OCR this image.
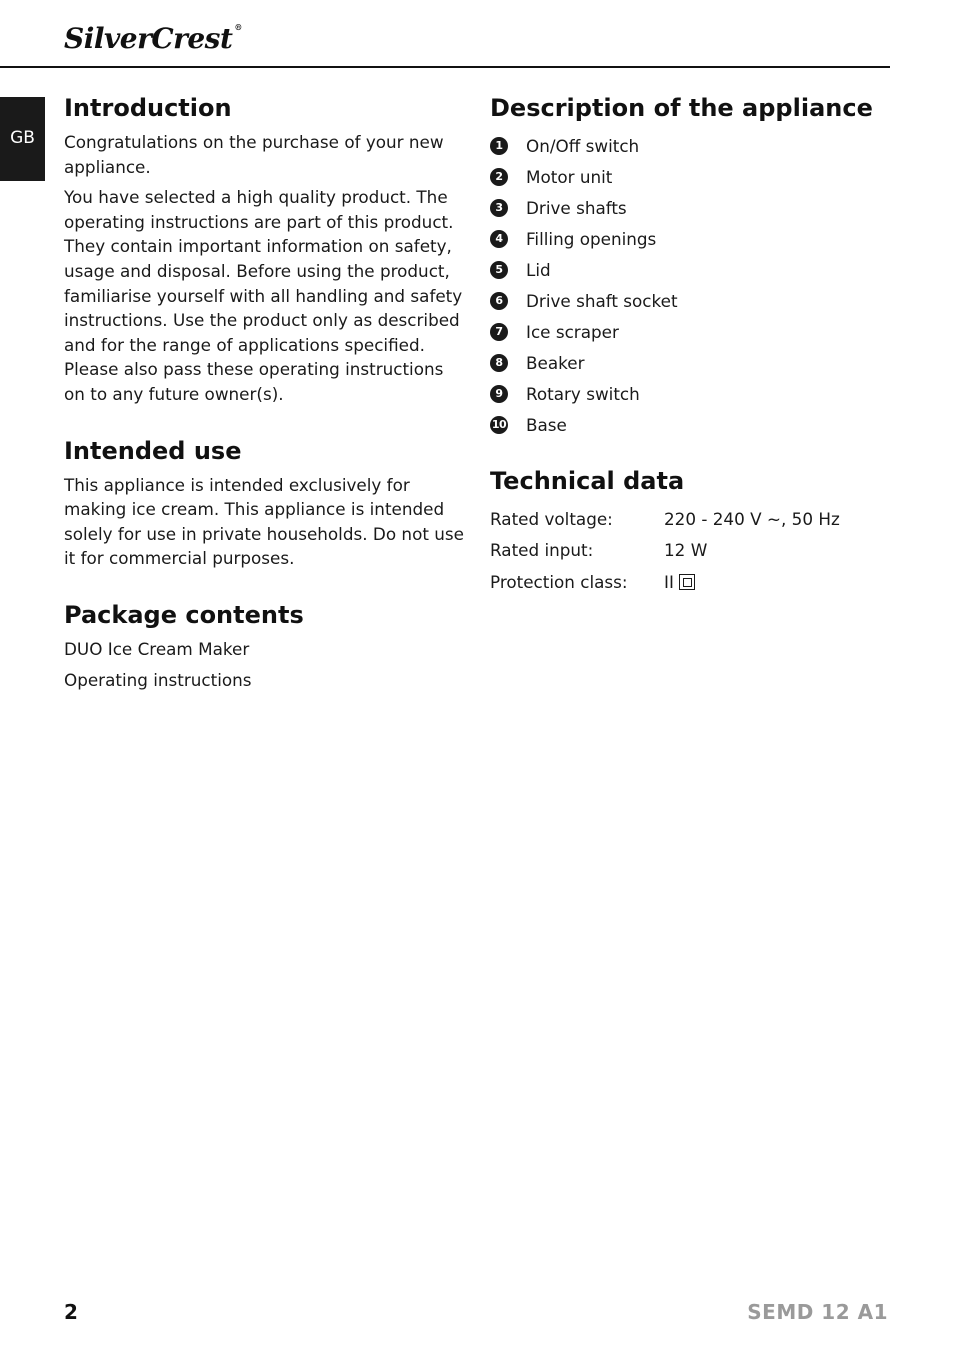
SilverCrest ®
GB
Introduction

Congratulations on the purchase of your new appliance.

You have selected a high quality product. The operating instructions are part of this product. They contain important information on safety, usage and disposal. Before using the product, familiarise yourself with all handling and safety instructions. Use the product only as described and for the range of applications specified. Please also pass these operating instructions on to any future owner(s).

Intended use

This appliance is intended exclusively for making ice cream. This appliance is intended solely for use in private households. Do not use it for commercial purposes.

Package contents
DUO Ice Cream Maker
Operating instructions
Description of the appliance
1	On/Off switch
2	Motor unit
3	Drive shafts
4	Filling openings
5	Lid
6	Drive shaft socket
7	Ice scraper
8	Beaker
9	Rotary switch
10 Base
Technical data
Rated voltage:	220 - 240 V ~, 50 Hz
Rated input:	12 W
Protection class:	II
2	SEMD 12 A1
